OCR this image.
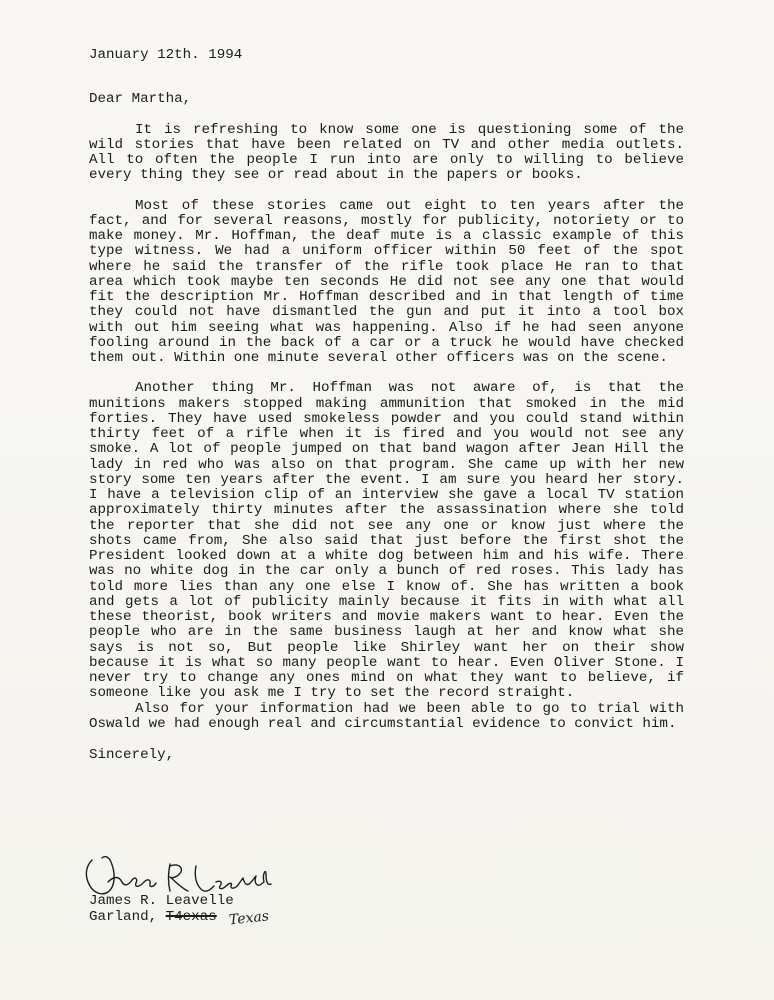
January 12th. 1994

Dear Martha,

It is refreshing to know some one is questioning some of the wild stories that have been related on TV and other media outlets. All to often the people I run into are only to willing to believe every thing they see or read about in the papers or books.

Most of these stories came out eight to ten years after the fact, and for several reasons, mostly for publicity, notoriety or to make money. Mr. Hoffman, the deaf mute is a classic example of this type witness. We had a uniform officer within 50 feet of the spot where he said the transfer of the rifle took place He ran to that area which took maybe ten seconds He did not see any one that would fit the description Mr. Hoffman described and in that length of time they could not have dismantled the gun and put it into a tool box with out him seeing what was happening. Also if he had seen anyone fooling around in the back of a car or a truck he would have checked them out. Within one minute several other officers was on the scene.

Another thing Mr. Hoffman was not aware of, is that the munitions makers stopped making ammunition that smoked in the mid forties. They have used smokeless powder and you could stand within thirty feet of a rifle when it is fired and you would not see any smoke. A lot of people jumped on that band wagon after Jean Hill the lady in red who was also on that program. She came up with her new story some ten years after the event. I am sure you heard her story. I have a television clip of an interview she gave a local TV station approximately thirty minutes after the assassination where she told the reporter that she did not see any one or know just where the shots came from, She also said that just before the first shot the President looked down at a white dog between him and his wife. There was no white dog in the car only a bunch of red roses. This lady has told more lies than any one else I know of. She has written a book and gets a lot of publicity mainly because it fits in with what all these theorist, book writers and movie makers want to hear. Even the people who are in the same business laugh at her and know what she says is not so, But people like Shirley want her on their show because it is what so many people want to hear. Even Oliver Stone. I never try to change any ones mind on what they want to believe, if someone like you ask me I try to set the record straight.

Also for your information had we been able to go to trial with Oswald we had enough real and circumstantial evidence to convict him.

Sincerely,

James R. Leavelle
Garland, T4exas Texas
